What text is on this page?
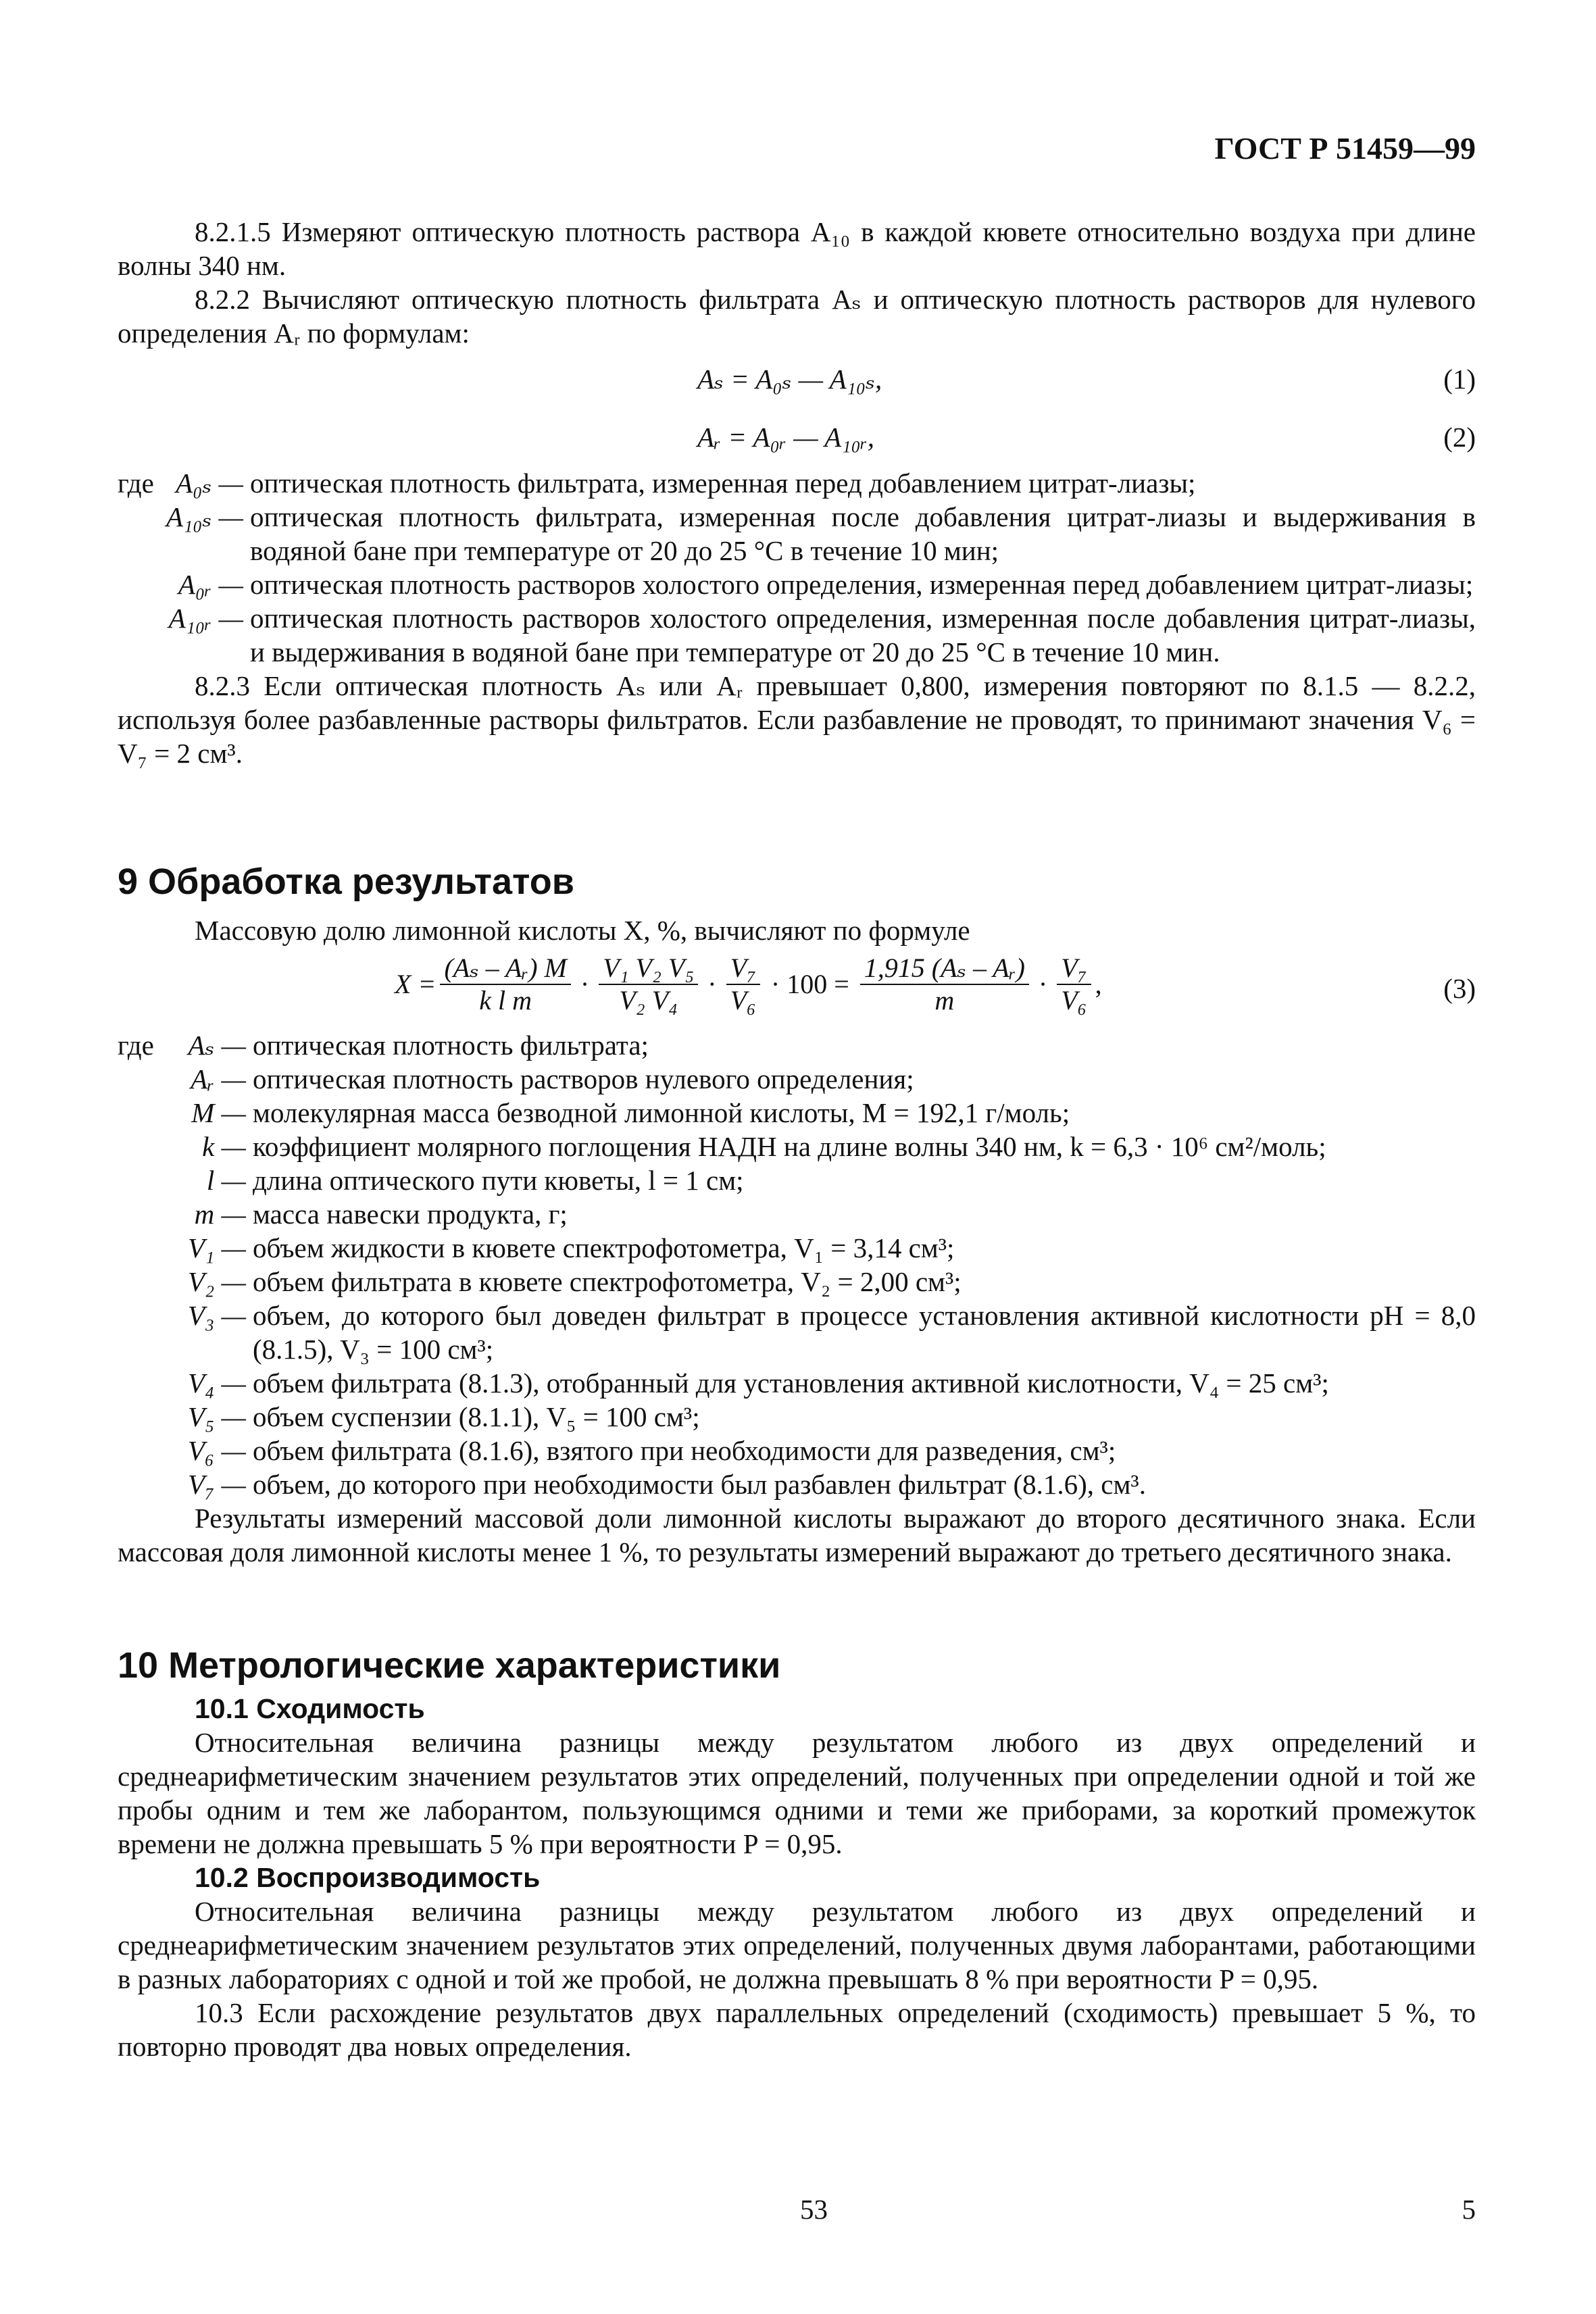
ГОСТ Р 51459—99

8.2.1.5 Измеряют оптическую плотность раствора A₁₀ в каждой кювете относительно воздуха при длине волны 340 нм.

8.2.2 Вычисляют оптическую плотность фильтрата Aₛ и оптическую плотность растворов для нулевого определения Aᵣ по формулам:

Aₛ = A₀ₛ — A₁₀ₛ,	(1)
Aᵣ = A₀ᵣ — A₁₀ᵣ,	(2)
где A₀ₛ — оптическая плотность фильтрата, измеренная перед добавлением цитрат-лиазы;
A₁₀ₛ — оптическая плотность фильтрата, измеренная после добавления цитрат-лиазы и выдерживания в водяной бане при температуре от 20 до 25 °С в течение 10 мин;
A₀ᵣ — оптическая плотность растворов холостого определения, измеренная перед добавлением цитрат-лиазы;
A₁₀ᵣ — оптическая плотность растворов холостого определения, измеренная после добавления цитрат-лиазы, и выдерживания в водяной бане при температуре от 20 до 25 °С в течение 10 мин.

8.2.3 Если оптическая плотность Aₛ или Aᵣ превышает 0,800, измерения повторяют по 8.1.5 — 8.2.2, используя более разбавленные растворы фильтратов. Если разбавление не проводят, то принимают значения V₆ = V₇ = 2 см³.

9 Обработка результатов

Массовую долю лимонной кислоты X, %, вычисляют по формуле

$X = \frac{\text{(Aₛ – Aᵣ) M}}{\text{k l m}} \cdot \frac{\text{V₁ V₂ V₅}}{\text{V₂ V₄}} \cdot \frac{\text{V₇}}{\text{V₆}} \cdot 100 = \frac{\text{1,915 (Aₛ – Aᵣ)}}{m} \cdot \frac{\text{V₇}}{\text{V₆}}$ ,	(3)
где Aₛ — оптическая плотность фильтрата;
Aᵣ — оптическая плотность растворов нулевого определения;
M — молекулярная масса безводной лимонной кислоты, M = 192,1 г/моль;
k — коэффициент молярного поглощения НАДН на длине волны 340 нм, k = 6,3 · 10⁶ см²/моль;
l — длина оптического пути кюветы, l = 1 см;
m — масса навески продукта, г;
V₁ — объем жидкости в кювете спектрофотометра, V₁ = 3,14 см³;
V₂ — объем фильтрата в кювете спектрофотометра, V₂ = 2,00 см³;
V₃ — объем, до которого был доведен фильтрат в процессе установления активной кислотности pH = 8,0 (8.1.5), V₃ = 100 см³;
V₄ — объем фильтрата (8.1.3), отобранный для установления активной кислотности, V₄ = 25 см³;
V₅ — объем суспензии (8.1.1), V₅ = 100 см³;
V₆ — объем фильтрата (8.1.6), взятого при необходимости для разведения, см³;
V₇ — объем, до которого при необходимости был разбавлен фильтрат (8.1.6), см³.

Результаты измерений массовой доли лимонной кислоты выражают до второго десятичного знака. Если массовая доля лимонной кислоты менее 1 %, то результаты измерений выражают до третьего десятичного знака.

10 Метрологические характеристики

10.1 Сходимость

Относительная величина разницы между результатом любого из двух определений и среднеарифметическим значением результатов этих определений, полученных при определении одной и той же пробы одним и тем же лаборантом, пользующимся одними и теми же приборами, за короткий промежуток времени не должна превышать 5 % при вероятности P = 0,95.

10.2 Воспроизводимость

Относительная величина разницы между результатом любого из двух определений и среднеарифметическим значением результатов этих определений, полученных двумя лаборантами, работающими в разных лабораториях с одной и той же пробой, не должна превышать 8 % при вероятности P = 0,95.

10.3 Если расхождение результатов двух параллельных определений (сходимость) превышает 5 %, то повторно проводят два новых определения.

53	5
